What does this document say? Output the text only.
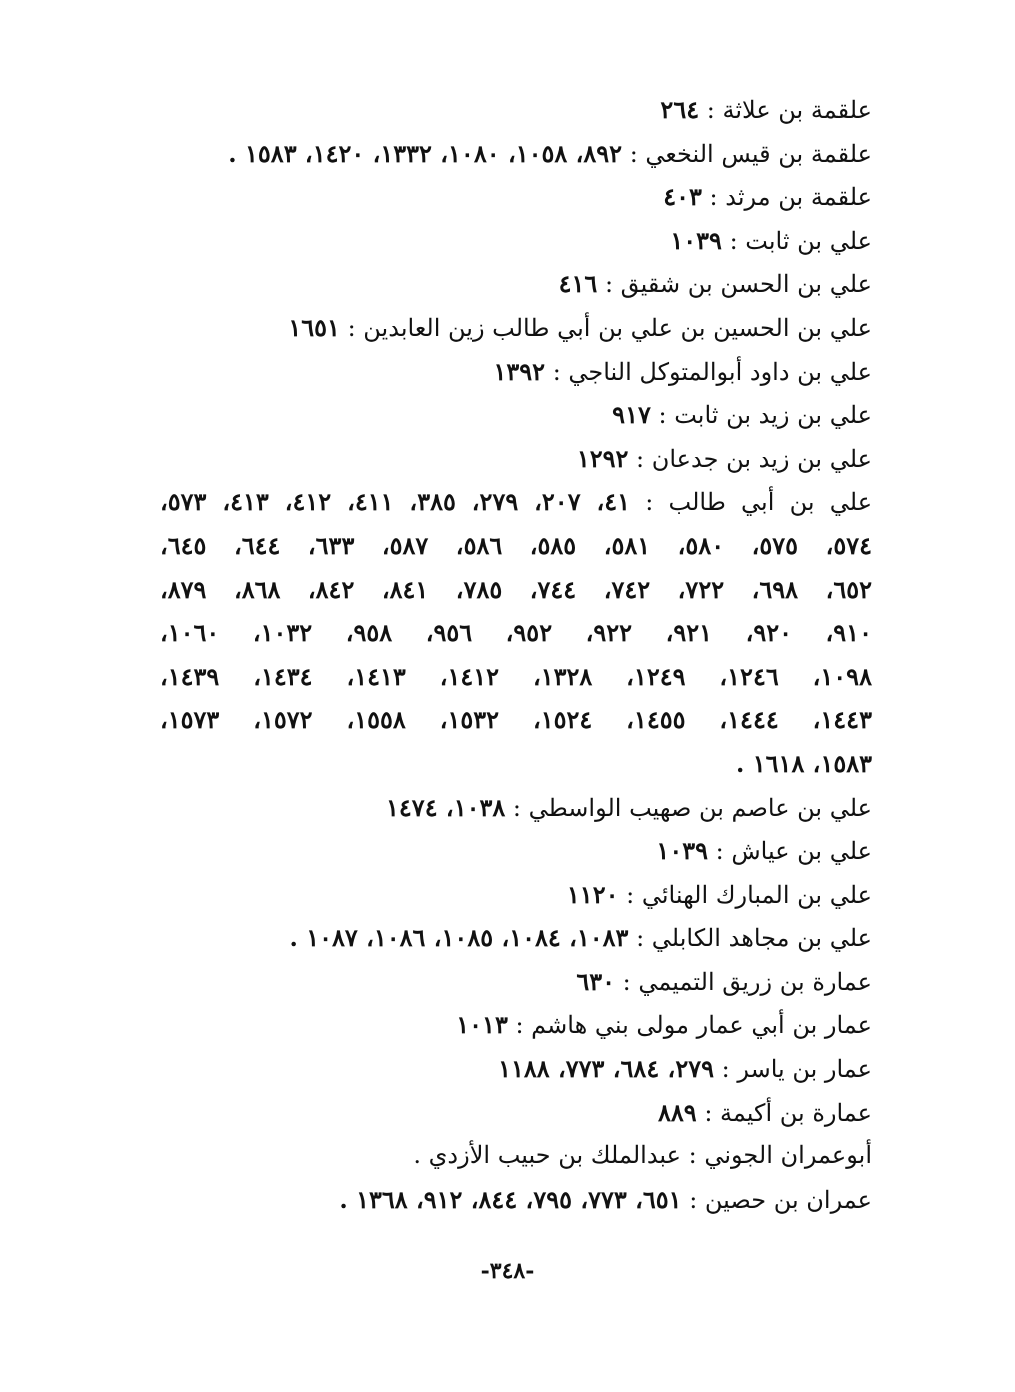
علقمة بن علاثة : ٢٦٤
علقمة بن قيس النخعي : ٨٩٢، ١٠٥٨، ١٠٨٠، ١٣٣٢، ١٤٢٠، ١٥٨٣ .
علقمة بن مرثد : ٤٠٣
علي بن ثابت : ١٠٣٩
علي بن الحسن بن شقيق : ٤١٦
علي بن الحسين بن علي بن أبي طالب زين العابدين : ١٦٥١
علي بن داود أبوالمتوكل الناجي : ١٣٩٢
علي بن زيد بن ثابت : ٩١٧
علي بن زيد بن جدعان : ١٢٩٢
علي بن أبي طالب : ٤١، ٢٠٧، ٢٧٩، ٣٨٥، ٤١١، ٤١٢، ٤١٣، ٥٧٣،
٥٧٤، ٥٧٥، ٥٨٠، ٥٨١، ٥٨٥، ٥٨٦، ٥٨٧، ٦٣٣، ٦٤٤، ٦٤٥،
٦٥٢، ٦٩٨، ٧٢٢، ٧٤٢، ٧٤٤، ٧٨٥، ٨٤١، ٨٤٢، ٨٦٨، ٨٧٩،
٩١٠، ٩٢٠، ٩٢١، ٩٢٢، ٩٥٢، ٩٥٦، ٩٥٨، ١٠٣٢، ١٠٦٠،
١٠٩٨، ١٢٤٦، ١٢٤٩، ١٣٢٨، ١٤١٢، ١٤١٣، ١٤٣٤، ١٤٣٩،
١٤٤٣، ١٤٤٤، ١٤٥٥، ١٥٢٤، ١٥٣٢، ١٥٥٨، ١٥٧٢، ١٥٧٣،
١٥٨٣، ١٦١٨ .
علي بن عاصم بن صهيب الواسطي : ١٠٣٨، ١٤٧٤
علي بن عياش : ١٠٣٩
علي بن المبارك الهنائي : ١١٢٠
علي بن مجاهد الكابلي : ١٠٨٣، ١٠٨٤، ١٠٨٥، ١٠٨٦، ١٠٨٧ .
عمارة بن زريق التميمي : ٦٣٠
عمار بن أبي عمار مولى بني هاشم : ١٠١٣
عمار بن ياسر : ٢٧٩، ٦٨٤، ٧٧٣، ١١٨٨
عمارة بن أكيمة : ٨٨٩
أبوعمران الجوني : عبدالملك بن حبيب الأزدي .
عمران بن حصين : ٦٥١، ٧٧٣، ٧٩٥، ٨٤٤، ٩١٢، ١٣٦٨ .
-٣٤٨-
